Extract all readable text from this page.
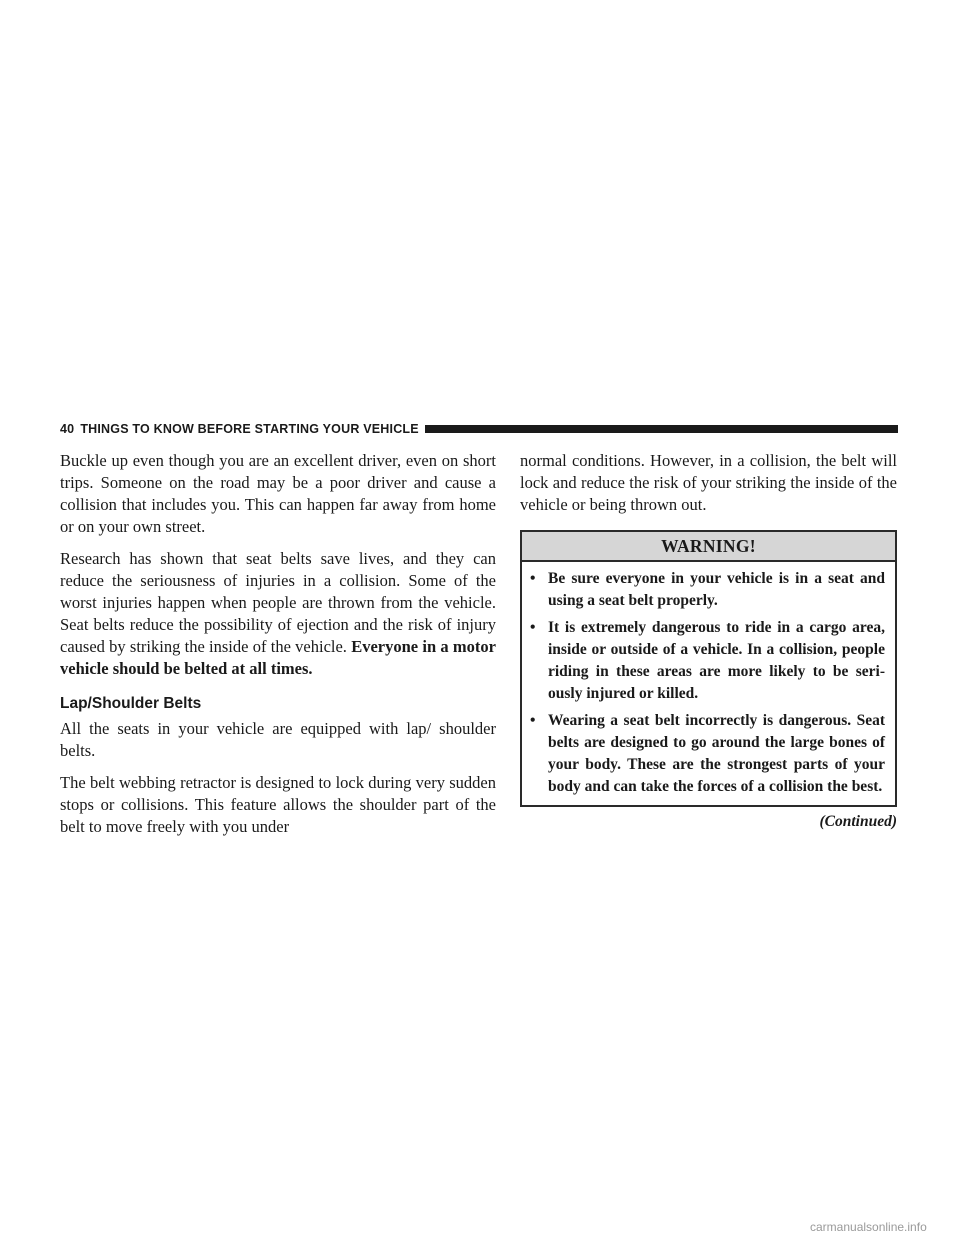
40 THINGS TO KNOW BEFORE STARTING YOUR VEHICLE

Buckle up even though you are an excellent driver, even on short trips. Someone on the road may be a poor driver and cause a collision that includes you. This can happen far away from home or on your own street.

Research has shown that seat belts save lives, and they can reduce the seriousness of injuries in a collision. Some of the worst injuries happen when people are thrown from the vehicle. Seat belts reduce the possibility of ejection and the risk of injury caused by striking the inside of the vehicle. Everyone in a motor vehicle should be belted at all times.

Lap/Shoulder Belts

All the seats in your vehicle are equipped with lap/ shoulder belts.

The belt webbing retractor is designed to lock during very sudden stops or collisions. This feature allows the shoulder part of the belt to move freely with you under

normal conditions. However, in a collision, the belt will lock and reduce the risk of your striking the inside of the vehicle or being thrown out.

WARNING!
• Be sure everyone in your vehicle is in a seat and using a seat belt properly.
• It is extremely dangerous to ride in a cargo area, inside or outside of a vehicle. In a collision, people riding in these areas are more likely to be seri- ously injured or killed.
• Wearing a seat belt incorrectly is dangerous. Seat belts are designed to go around the large bones of your body. These are the strongest parts of your body and can take the forces of a collision the best.
(Continued)
carmanualsonline.info
